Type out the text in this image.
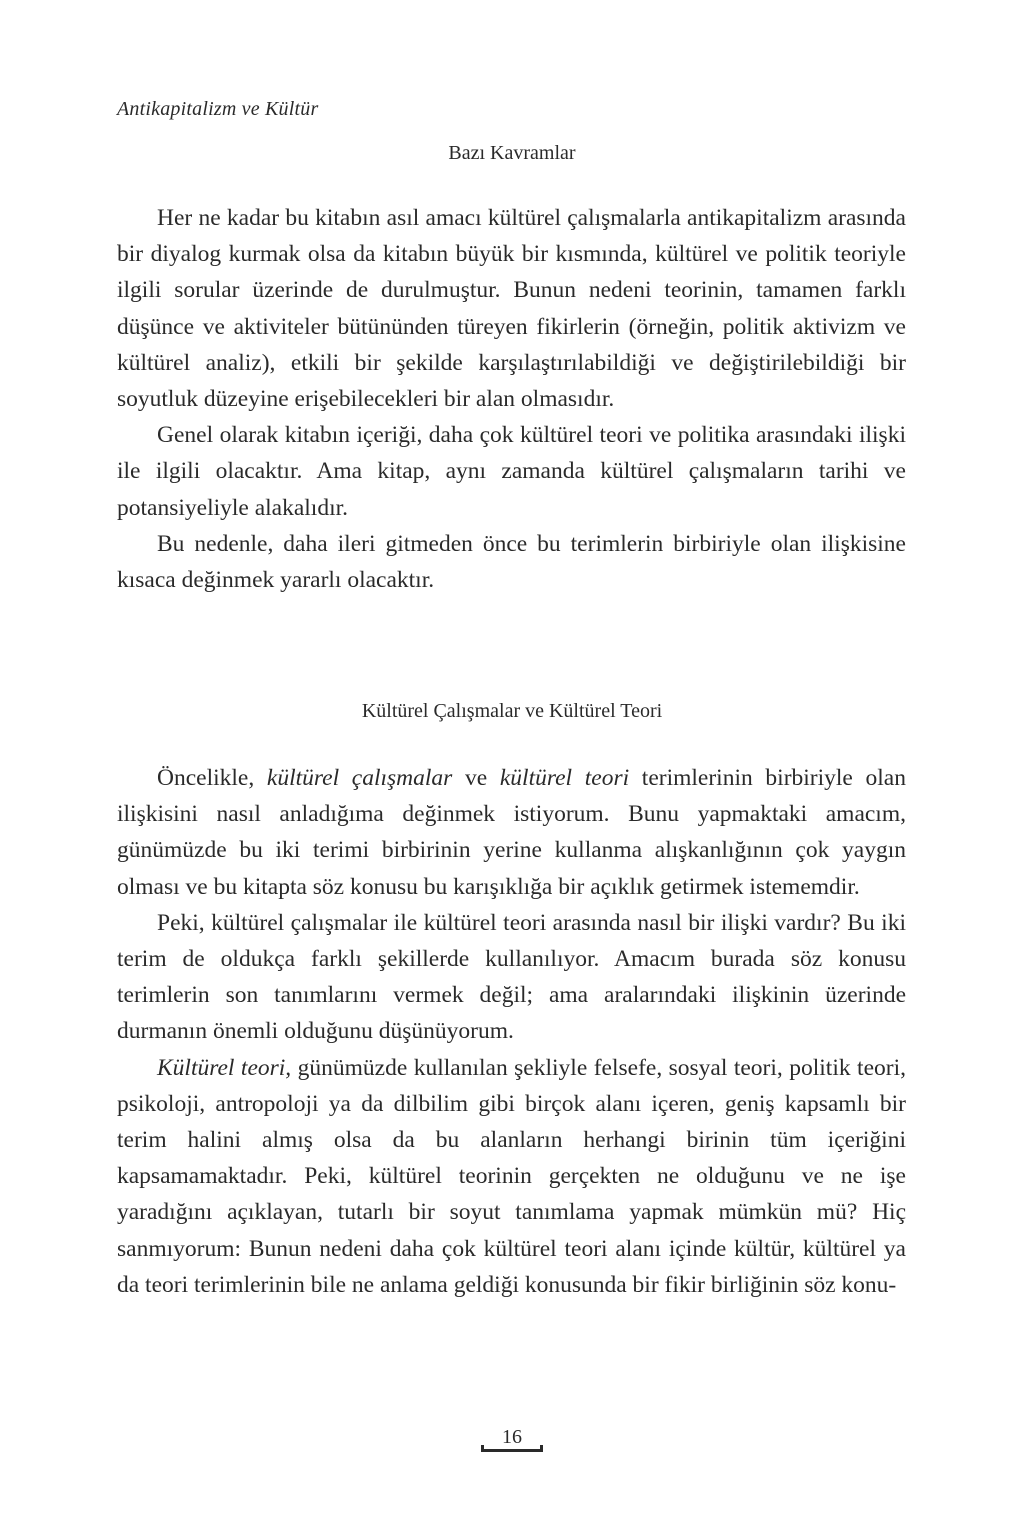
Antikapitalizm ve Kültür
Bazı Kavramlar

Her ne kadar bu kitabın asıl amacı kültürel çalışmalarla antikapitalizm arasında bir diyalog kurmak olsa da kitabın büyük bir kısmında, kültürel ve politik teoriyle ilgili sorular üzerinde de durulmuştur. Bunun nedeni teorinin, tamamen farklı düşünce ve aktiviteler bütününden türeyen fikirlerin (örneğin, politik aktivizm ve kültürel analiz), etkili bir şekilde karşılaştırılabildiği ve değiştirilebildiği bir soyutluk düzeyine erişebilecekleri bir alan olmasıdır.

Genel olarak kitabın içeriği, daha çok kültürel teori ve politika arasındaki ilişki ile ilgili olacaktır. Ama kitap, aynı zamanda kültürel çalışmaların tarihi ve potansiyeliyle alakalıdır.

Bu nedenle, daha ileri gitmeden önce bu terimlerin birbiriyle olan ilişkisine kısaca değinmek yararlı olacaktır.

Kültürel Çalışmalar ve Kültürel Teori

Öncelikle, kültürel çalışmalar ve kültürel teori terimlerinin birbiriyle olan ilişkisini nasıl anladığıma değinmek istiyorum. Bunu yapmaktaki amacım, günümüzde bu iki terimi birbirinin yerine kullanma alışkanlığının çok yaygın olması ve bu kitapta söz konusu bu karışıklığa bir açıklık getirmek istememdir.

Peki, kültürel çalışmalar ile kültürel teori arasında nasıl bir ilişki vardır? Bu iki terim de oldukça farklı şekillerde kullanılıyor. Amacım burada söz konusu terimlerin son tanımlarını vermek değil; ama aralarındaki ilişkinin üzerinde durmanın önemli olduğunu düşünüyorum.

Kültürel teori, günümüzde kullanılan şekliyle felsefe, sosyal teori, politik teori, psikoloji, antropoloji ya da dilbilim gibi birçok alanı içeren, geniş kapsamlı bir terim halini almış olsa da bu alanların herhangi birinin tüm içeriğini kapsamamaktadır. Peki, kültürel teorinin gerçekten ne olduğunu ve ne işe yaradığını açıklayan, tutarlı bir soyut tanımlama yapmak mümkün mü? Hiç sanmıyorum: Bunun nedeni daha çok kültürel teori alanı içinde kültür, kültürel ya da teori terimlerinin bile ne anlama geldiği konusunda bir fikir birliğinin söz konu-

16
